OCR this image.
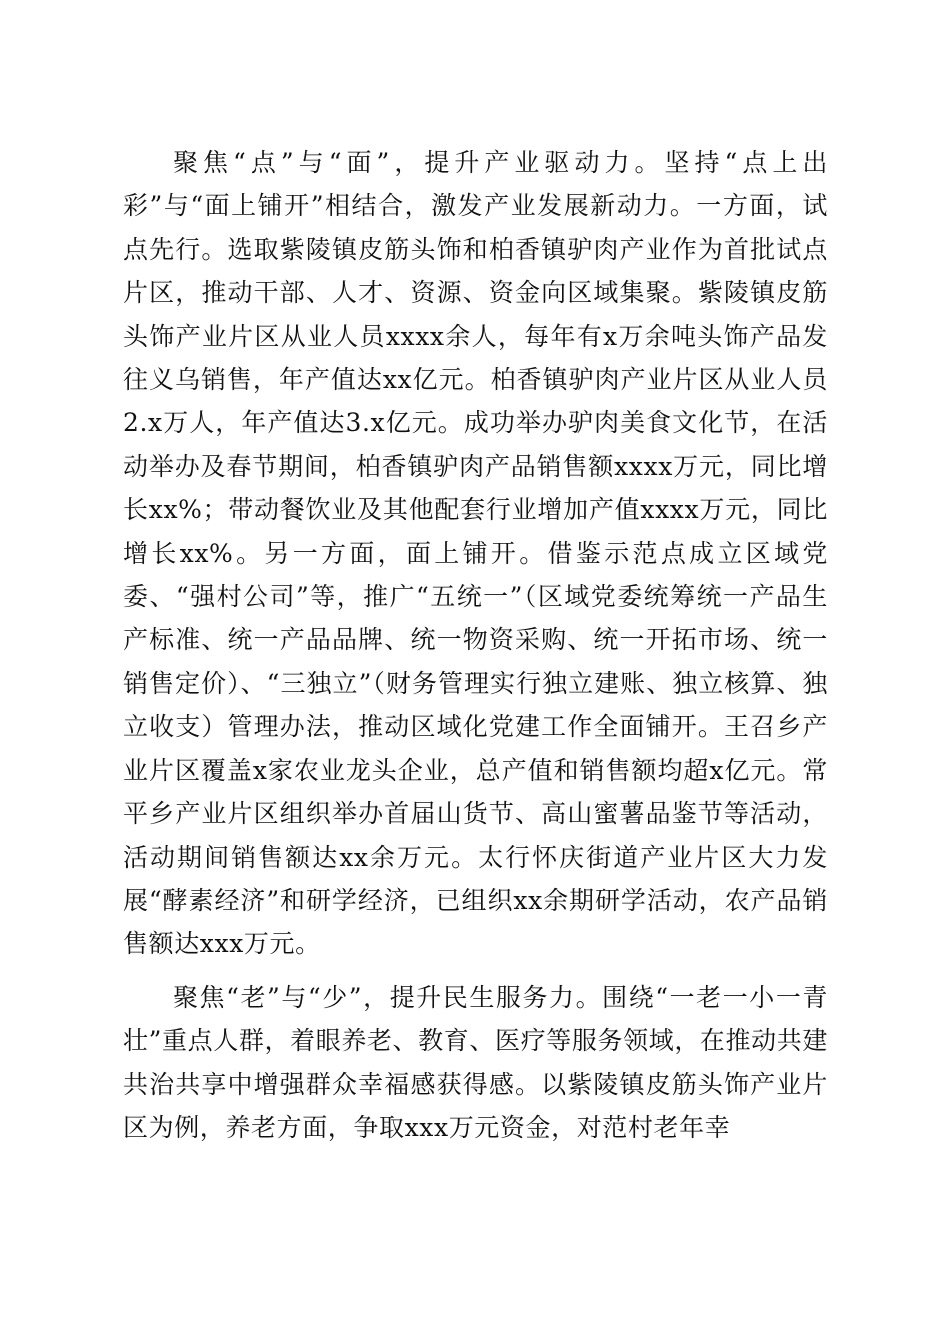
聚焦“点”与“面”，提升产业驱动力。坚持“点上出彩”与“面上铺开”相结合，激发产业发展新动力。一方面，试点先行。选取紫陵镇皮筋头饰和柏香镇驴肉产业作为首批试点片区，推动干部、人才、资源、资金向区域集聚。紫陵镇皮筋头饰产业片区从业人员xxxx余人，每年有x万余吨头饰产品发往义乌销售，年产值达xx亿元。柏香镇驴肉产业片区从业人员2.x万人，年产值达3.x亿元。成功举办驴肉美食文化节，在活动举办及春节期间，柏香镇驴肉产品销售额xxxx万元，同比增长xx%；带动餐饮业及其他配套行业增加产值xxxx万元，同比增长xx%。另一方面，面上铺开。借鉴示范点成立区域党委、“强村公司”等，推广“五统一”（区域党委统筹统一产品生产标准、统一产品品牌、统一物资采购、统一开拓市场、统一销售定价）、“三独立”（财务管理实行独立建账、独立核算、独立收支）管理办法，推动区域化党建工作全面铺开。王召乡产业片区覆盖x家农业龙头企业，总产值和销售额均超x亿元。常平乡产业片区组织举办首届山货节、高山蜜薯品鉴节等活动，活动期间销售额达xx余万元。太行怀庆街道产业片区大力发展“酵素经济”和研学经济，已组织xx余期研学活动，农产品销售额达xxx万元。

聚焦“老”与“少”，提升民生服务力。围绕“一老一小一青壮”重点人群，着眼养老、教育、医疗等服务领域，在推动共建共治共享中增强群众幸福感获得感。以紫陵镇皮筋头饰产业片区为例，养老方面，争取xxx万元资金，对范村老年幸
